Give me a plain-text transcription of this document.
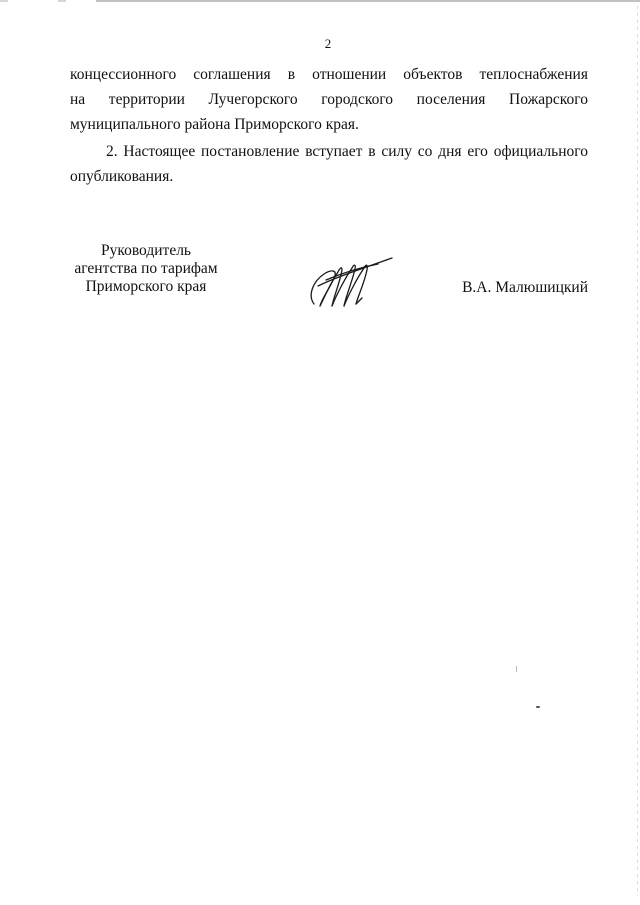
2

концессионного соглашения в отношении объектов теплоснабжения
на территории Лучегорского городского поселения Пожарского
муниципального района Приморского края.

2. Настоящее постановление вступает в силу со дня его официального
опубликования.

Руководитель
агентства по тарифам
Приморского края	В.А. Малюшицкий
